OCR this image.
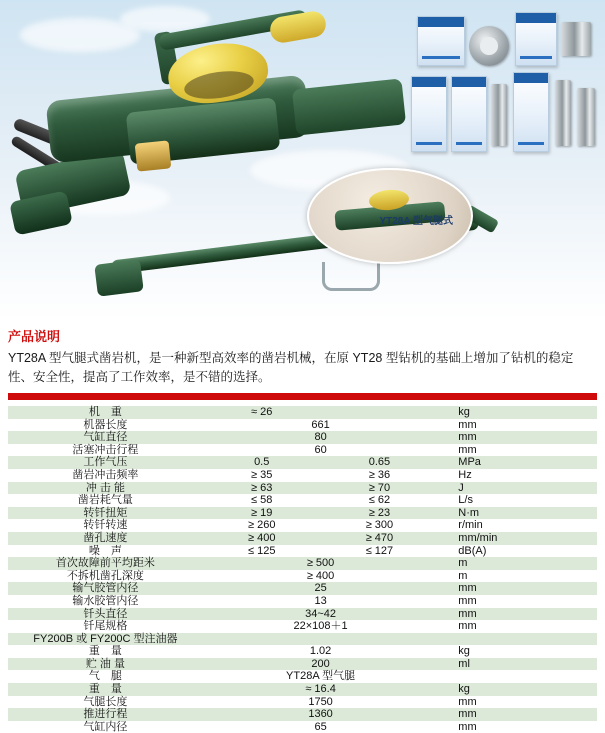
YT28A 型气腿式
产品说明
YT28A 型气腿式凿岩机，是一种新型高效率的凿岩机械，在原 YT28 型钻机的基础上增加了钻机的稳定性、安全性，提高了工作效率，是不错的选择。
机　重	≈ 26		kg
机器长度	661		mm
气缸直径	80		mm
活塞冲击行程	60		mm
工作气压	0.5	0.65	MPa
凿岩冲击频率	≥ 35	≥ 36	Hz
冲 击 能	≥ 63	≥ 70	J
凿岩耗气量	≤ 58	≤ 62	L/s
转钎扭矩	≥ 19	≥ 23	N·m
转钎转速	≥ 260	≥ 300	r/min
凿孔速度	≥ 400	≥ 470	mm/min
噪　声	≤ 125	≤ 127	dB(A)
首次故障前平均距米	≥ 500		m
不拆机凿孔深度	≥ 400		m
输气胶管内径	25		mm
输水胶管内径	13		mm
钎头直径	34~42		mm
钎尾规格	22×108＋1		mm
FY200B 或 FY200C 型注油器			
重　量	1.02		kg
贮 油 量	200		ml
气　腿	YT28A 型气腿		
重　量	≈ 16.4		kg
气腿长度	1750		mm
推进行程	1360		mm
气缸内径	65		mm
